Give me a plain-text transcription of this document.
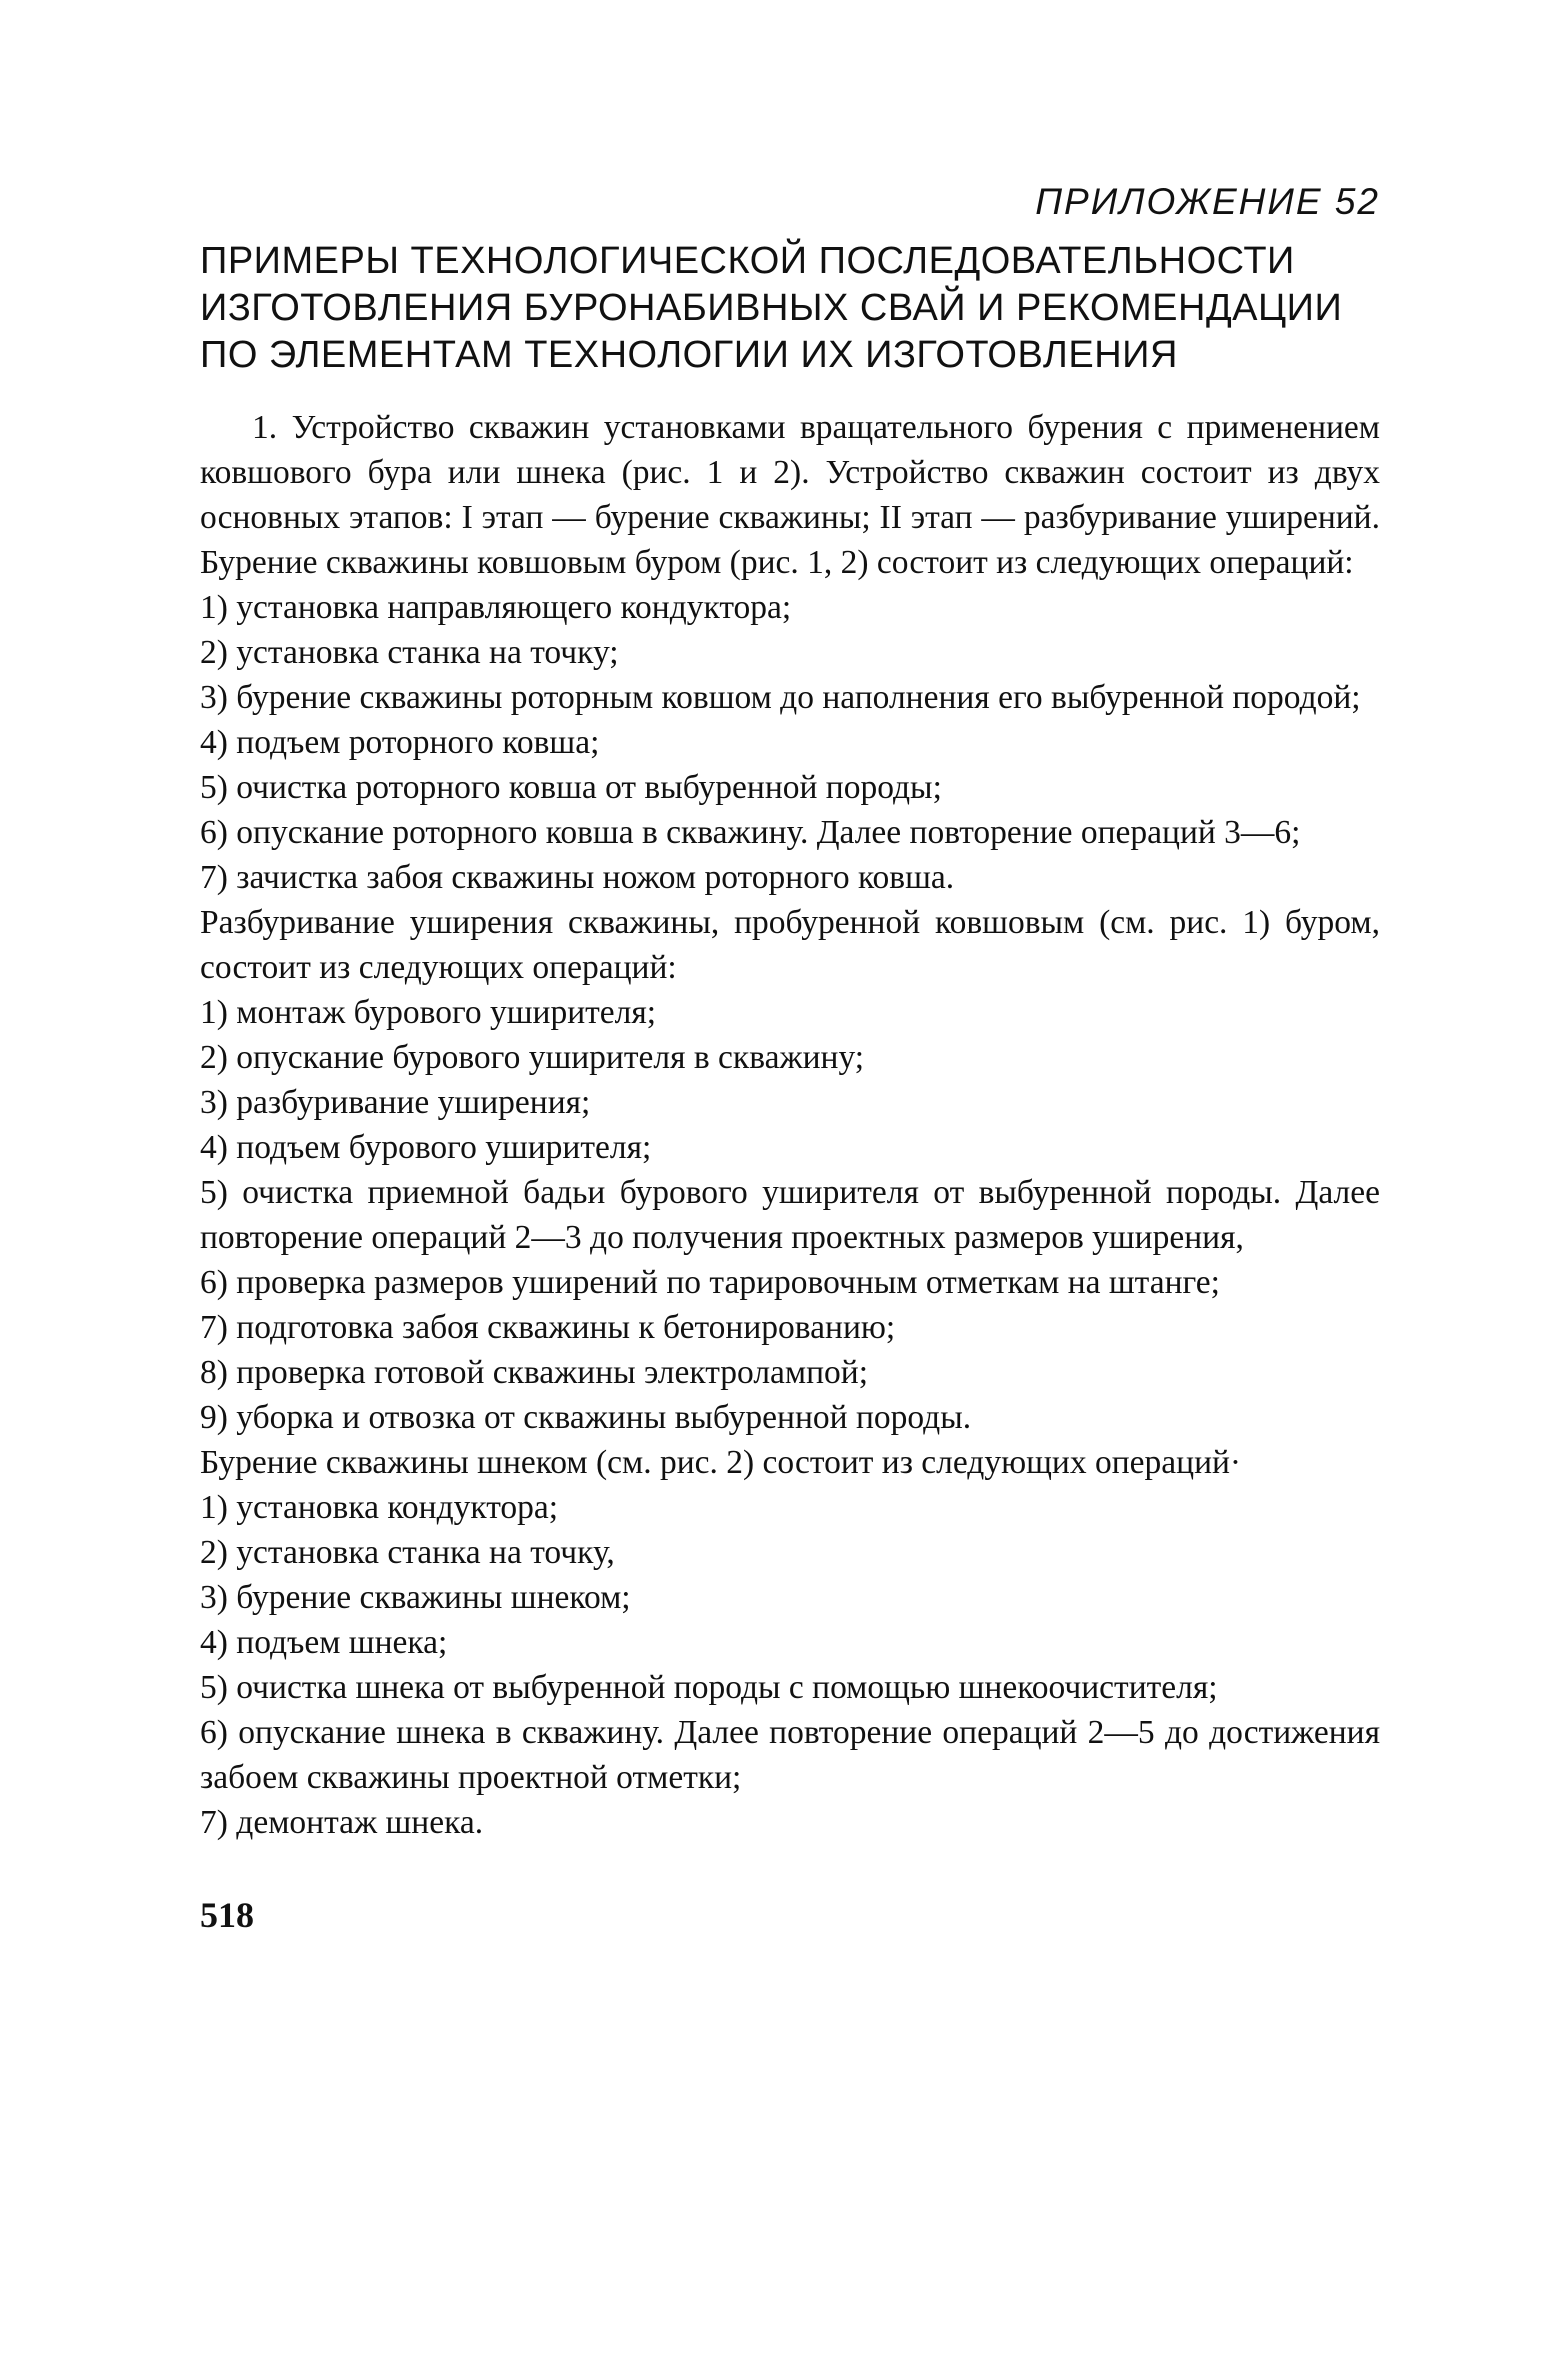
ПРИЛОЖЕНИЕ 52
ПРИМЕРЫ ТЕХНОЛОГИЧЕСКОЙ ПОСЛЕДОВАТЕЛЬНОСТИ
ИЗГОТОВЛЕНИЯ БУРОНАБИВНЫХ СВАЙ И РЕКОМЕНДАЦИИ
ПО ЭЛЕМЕНТАМ ТЕХНОЛОГИИ ИХ ИЗГОТОВЛЕНИЯ

1. Устройство скважин установками вращательного бурения с применением ковшового бура или шнека (рис. 1 и 2). Устройство скважин состоит из двух основных этапов: I этап — бурение скважины; II этап — разбуривание уширений. Бурение скважины ковшовым буром (рис. 1, 2) состоит из следующих операций:

1) установка направляющего кондуктора;

2) установка станка на точку;

3) бурение скважины роторным ковшом до наполнения его выбуренной породой;

4) подъем роторного ковша;

5) очистка роторного ковша от выбуренной породы;

6) опускание роторного ковша в скважину. Далее повторение операций 3—6;

7) зачистка забоя скважины ножом роторного ковша.

Разбуривание уширения скважины, пробуренной ковшовым (см. рис. 1) буром, состоит из следующих операций:

1) монтаж бурового уширителя;

2) опускание бурового уширителя в скважину;

3) разбуривание уширения;

4) подъем бурового уширителя;

5) очистка приемной бадьи бурового уширителя от выбуренной породы. Далее повторение операций 2—3 до получения проектных размеров уширения,

6) проверка размеров уширений по тарировочным отметкам на штанге;

7) подготовка забоя скважины к бетонированию;

8) проверка готовой скважины электролампой;

9) уборка и отвозка от скважины выбуренной породы.

Бурение скважины шнеком (см. рис. 2) состоит из следующих операций·

1) установка кондуктора;

2) установка станка на точку,

3) бурение скважины шнеком;

4) подъем шнека;

5) очистка шнека от выбуренной породы с помощью шнекоочистителя;

6) опускание шнека в скважину. Далее повторение операций 2—5 до достижения забоем скважины проектной отметки;

7) демонтаж шнека.

518
